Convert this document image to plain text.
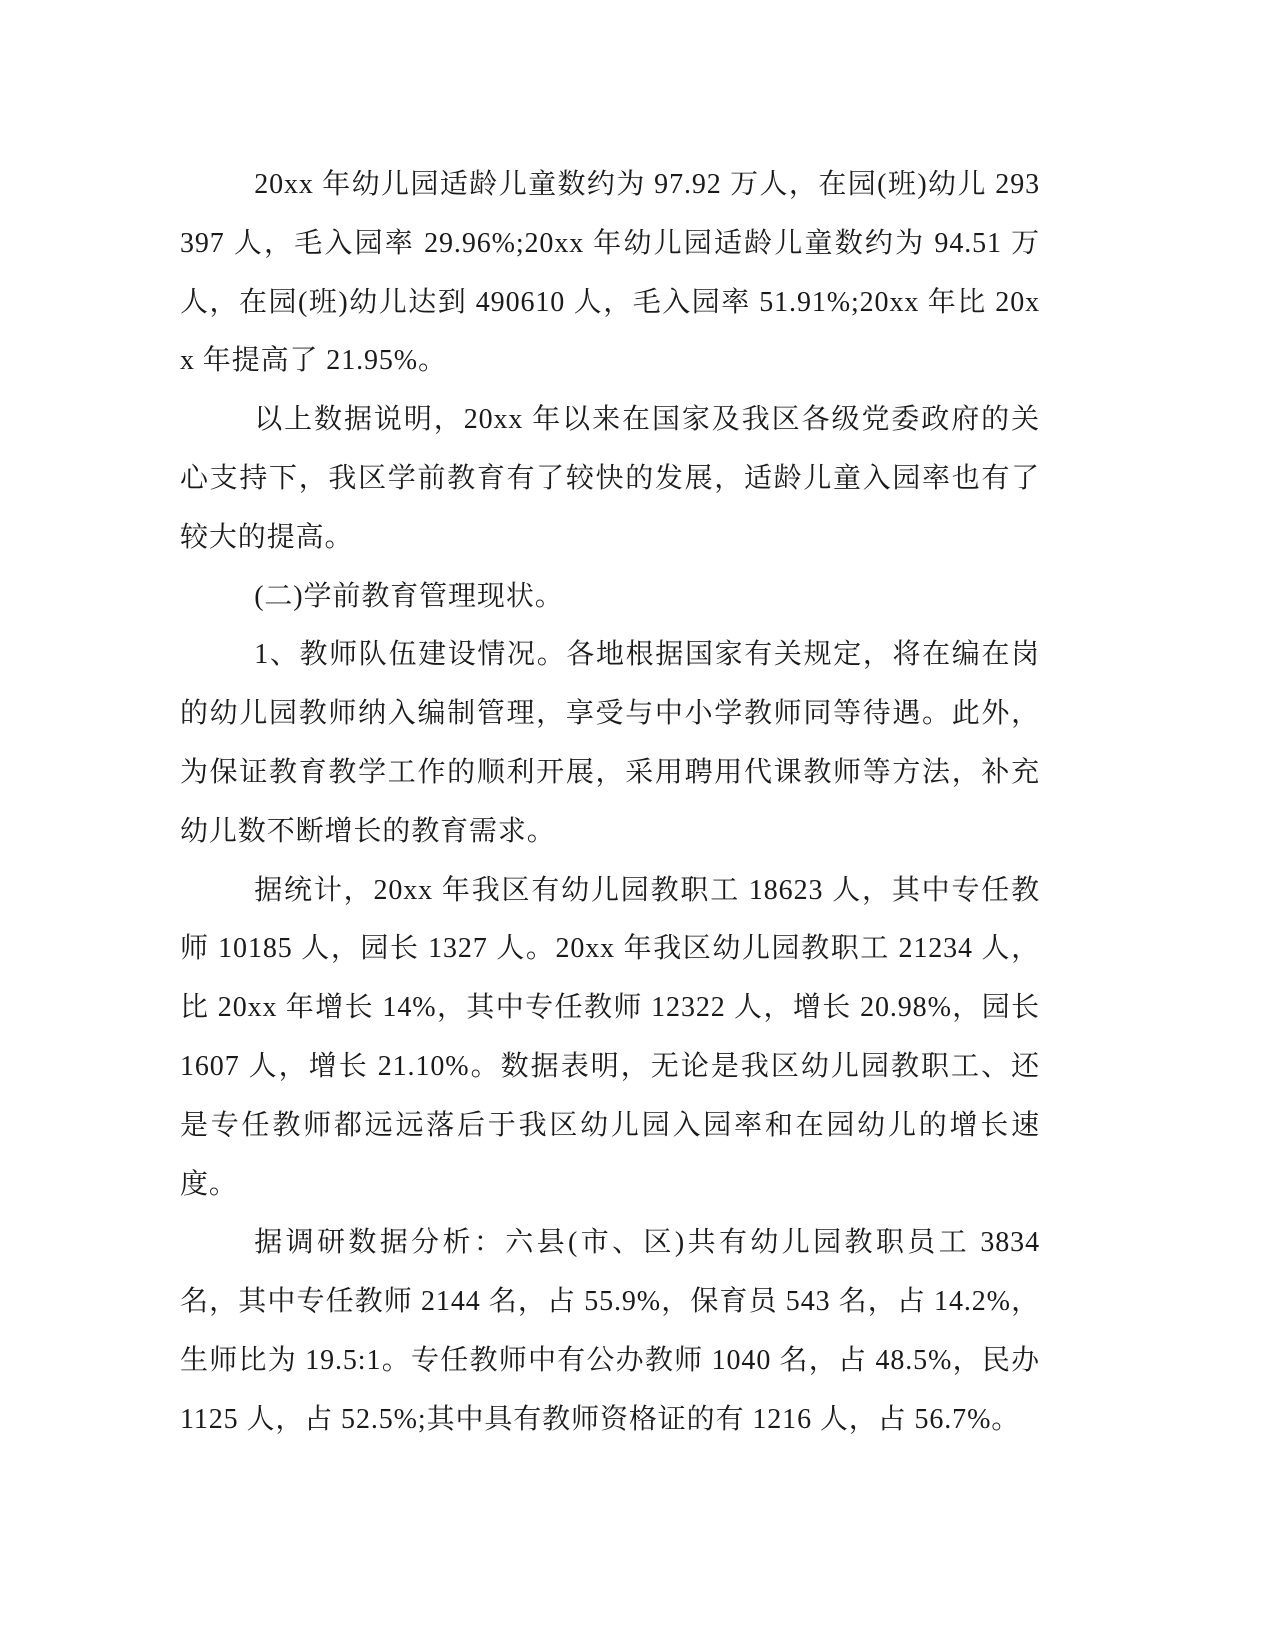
20xx 年幼儿园适龄儿童数约为 97.92 万人，在园(班)幼儿 293397 人，毛入园率 29.96%;20xx 年幼儿园适龄儿童数约为 94.51 万人，在园(班)幼儿达到 490610 人，毛入园率 51.91%;20xx 年比 20xx 年提高了 21.95%。

以上数据说明，20xx 年以来在国家及我区各级党委政府的关心支持下，我区学前教育有了较快的发展，适龄儿童入园率也有了较大的提高。

(二)学前教育管理现状。

1、教师队伍建设情况。各地根据国家有关规定，将在编在岗的幼儿园教师纳入编制管理，享受与中小学教师同等待遇。此外，为保证教育教学工作的顺利开展，采用聘用代课教师等方法，补充幼儿数不断增长的教育需求。

据统计，20xx 年我区有幼儿园教职工 18623 人，其中专任教师 10185 人，园长 1327 人。20xx 年我区幼儿园教职工 21234 人，比 20xx 年增长 14%，其中专任教师 12322 人，增长 20.98%，园长 1607 人，增长 21.10%。数据表明，无论是我区幼儿园教职工、还是专任教师都远远落后于我区幼儿园入园率和在园幼儿的增长速度。

据调研数据分析：六县(市、区)共有幼儿园教职员工 3834 名，其中专任教师 2144 名，占 55.9%，保育员 543 名，占 14.2%，生师比为 19.5:1。专任教师中有公办教师 1040 名，占 48.5%，民办 1125 人，占 52.5%;其中具有教师资格证的有 1216 人，占 56.7%。
